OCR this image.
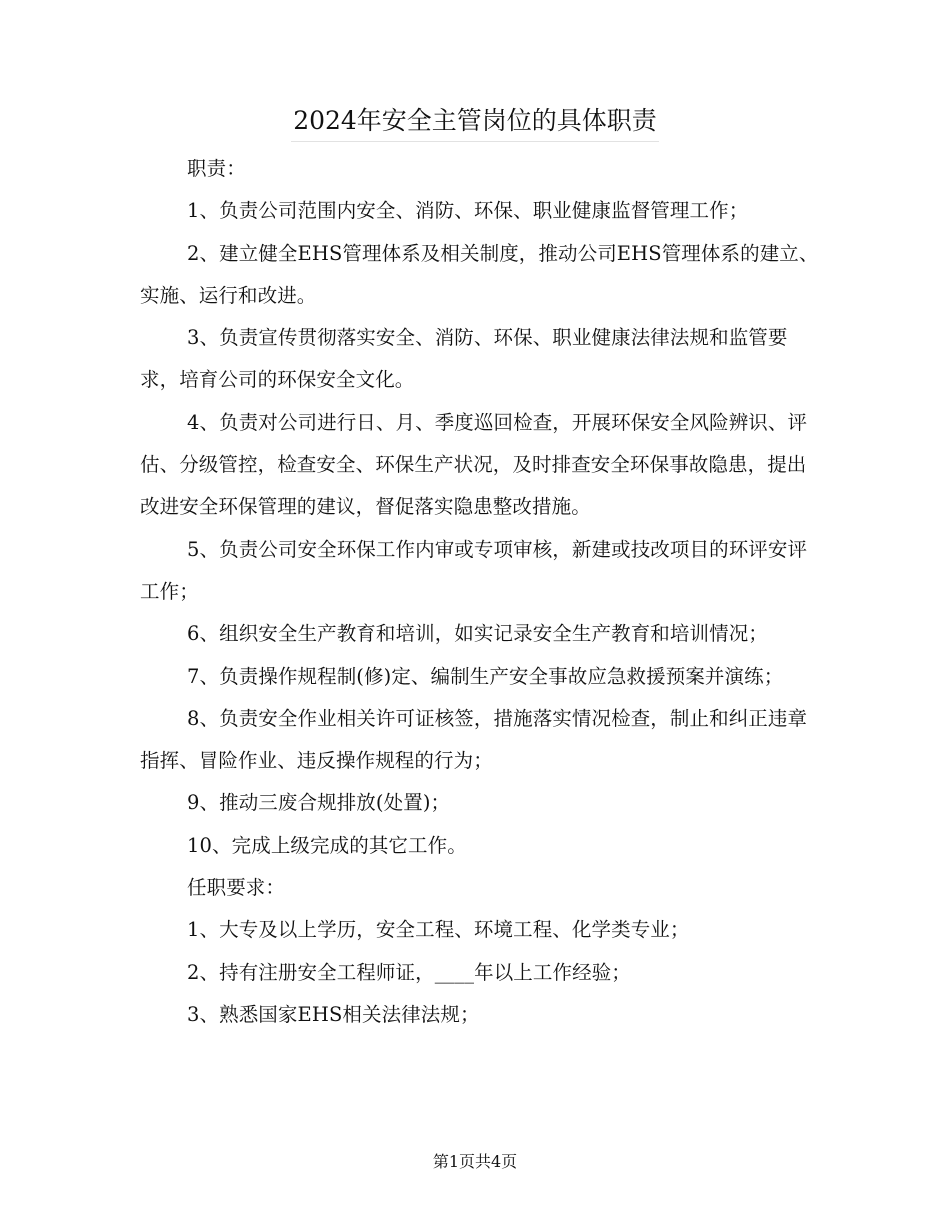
2024年安全主管岗位的具体职责

职责：

1、负责公司范围内安全、消防、环保、职业健康监督管理工作；

2、建立健全EHS管理体系及相关制度，推动公司EHS管理体系的建立、实施、运行和改进。

3、负责宣传贯彻落实安全、消防、环保、职业健康法律法规和监管要求，培育公司的环保安全文化。

4、负责对公司进行日、月、季度巡回检查，开展环保安全风险辨识、评估、分级管控，检查安全、环保生产状况，及时排查安全环保事故隐患，提出改进安全环保管理的建议，督促落实隐患整改措施。

5、负责公司安全环保工作内审或专项审核，新建或技改项目的环评安评工作；

6、组织安全生产教育和培训，如实记录安全生产教育和培训情况；

7、负责操作规程制(修)定、编制生产安全事故应急救援预案并演练；

8、负责安全作业相关许可证核签，措施落实情况检查，制止和纠正违章指挥、冒险作业、违反操作规程的行为；

9、推动三废合规排放(处置)；

10、完成上级完成的其它工作。

任职要求：

1、大专及以上学历，安全工程、环境工程、化学类专业；

2、持有注册安全工程师证，____年以上工作经验；

3、熟悉国家EHS相关法律法规；

第1页共4页
